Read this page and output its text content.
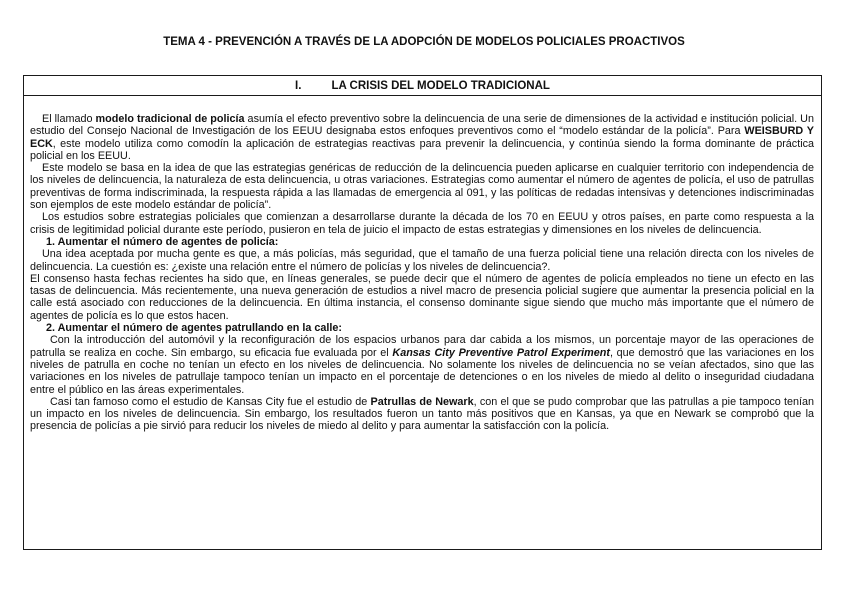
TEMA 4 - PREVENCIÓN A TRAVÉS DE LA ADOPCIÓN DE MODELOS POLICIALES PROACTIVOS
I.	LA CRISIS DEL MODELO TRADICIONAL

El llamado modelo tradicional de policía asumía el efecto preventivo sobre la delincuencia de una serie de dimensiones de la actividad e institución policial. Un estudio del Consejo Nacional de Investigación de los EEUU designaba estos enfoques preventivos como el “modelo estándar de la policía”. Para WEISBURD Y ECK, este modelo utiliza como comodín la aplicación de estrategias reactivas para prevenir la delincuencia, y continúa siendo la forma dominante de práctica policial en los EEUU.

Este modelo se basa en la idea de que las estrategias genéricas de reducción de la delincuencia pueden aplicarse en cualquier territorio con independencia de los niveles de delincuencia, la naturaleza de esta delincuencia, u otras variaciones. Estrategias como aumentar el número de agentes de policía, el uso de patrullas preventivas de forma indiscriminada, la respuesta rápida a las llamadas de emergencia al 091, y las políticas de redadas intensivas y detenciones indiscriminadas son ejemplos de este modelo estándar de policía”.

Los estudios sobre estrategias policiales que comienzan a desarrollarse durante la década de los 70 en EEUU y otros países, en parte como respuesta a la crisis de legitimidad policial durante este período, pusieron en tela de juicio el impacto de estas estrategias y dimensiones en los niveles de delincuencia.

1. Aumentar el número de agentes de policía:

Una idea aceptada por mucha gente es que, a más policías, más seguridad, que el tamaño de una fuerza policial tiene una relación directa con los niveles de delincuencia. La cuestión es: ¿existe una relación entre el número de policías y los niveles de delincuencia?.

El consenso hasta fechas recientes ha sido que, en líneas generales, se puede decir que el número de agentes de policía empleados no tiene un efecto en las tasas de delincuencia. Más recientemente, una nueva generación de estudios a nivel macro de presencia policial sugiere que aumentar la presencia policial en la calle está asociado con reducciones de la delincuencia. En última instancia, el consenso dominante sigue siendo que mucho más importante que el número de agentes de policía es lo que estos hacen.

2. Aumentar el número de agentes patrullando en la calle:

Con la introducción del automóvil y la reconfiguración de los espacios urbanos para dar cabida a los mismos, un porcentaje mayor de las operaciones de patrulla se realiza en coche. Sin embargo, su eficacia fue evaluada por el Kansas City Preventive Patrol Experiment, que demostró que las variaciones en los niveles de patrulla en coche no tenían un efecto en los niveles de delincuencia. No solamente los niveles de delincuencia no se veían afectados, sino que las variaciones en los niveles de patrullaje tampoco tenían un impacto en el porcentaje de detenciones o en los niveles de miedo al delito o inseguridad ciudadana entre el público en las áreas experimentales.

Casi tan famoso como el estudio de Kansas City fue el estudio de Patrullas de Newark, con el que se pudo comprobar que las patrullas a pie tampoco tenían un impacto en los niveles de delincuencia. Sin embargo, los resultados fueron un tanto más positivos que en Kansas, ya que en Newark se comprobó que la presencia de policías a pie sirvió para reducir los niveles de miedo al delito y para aumentar la satisfacción con la policía.
